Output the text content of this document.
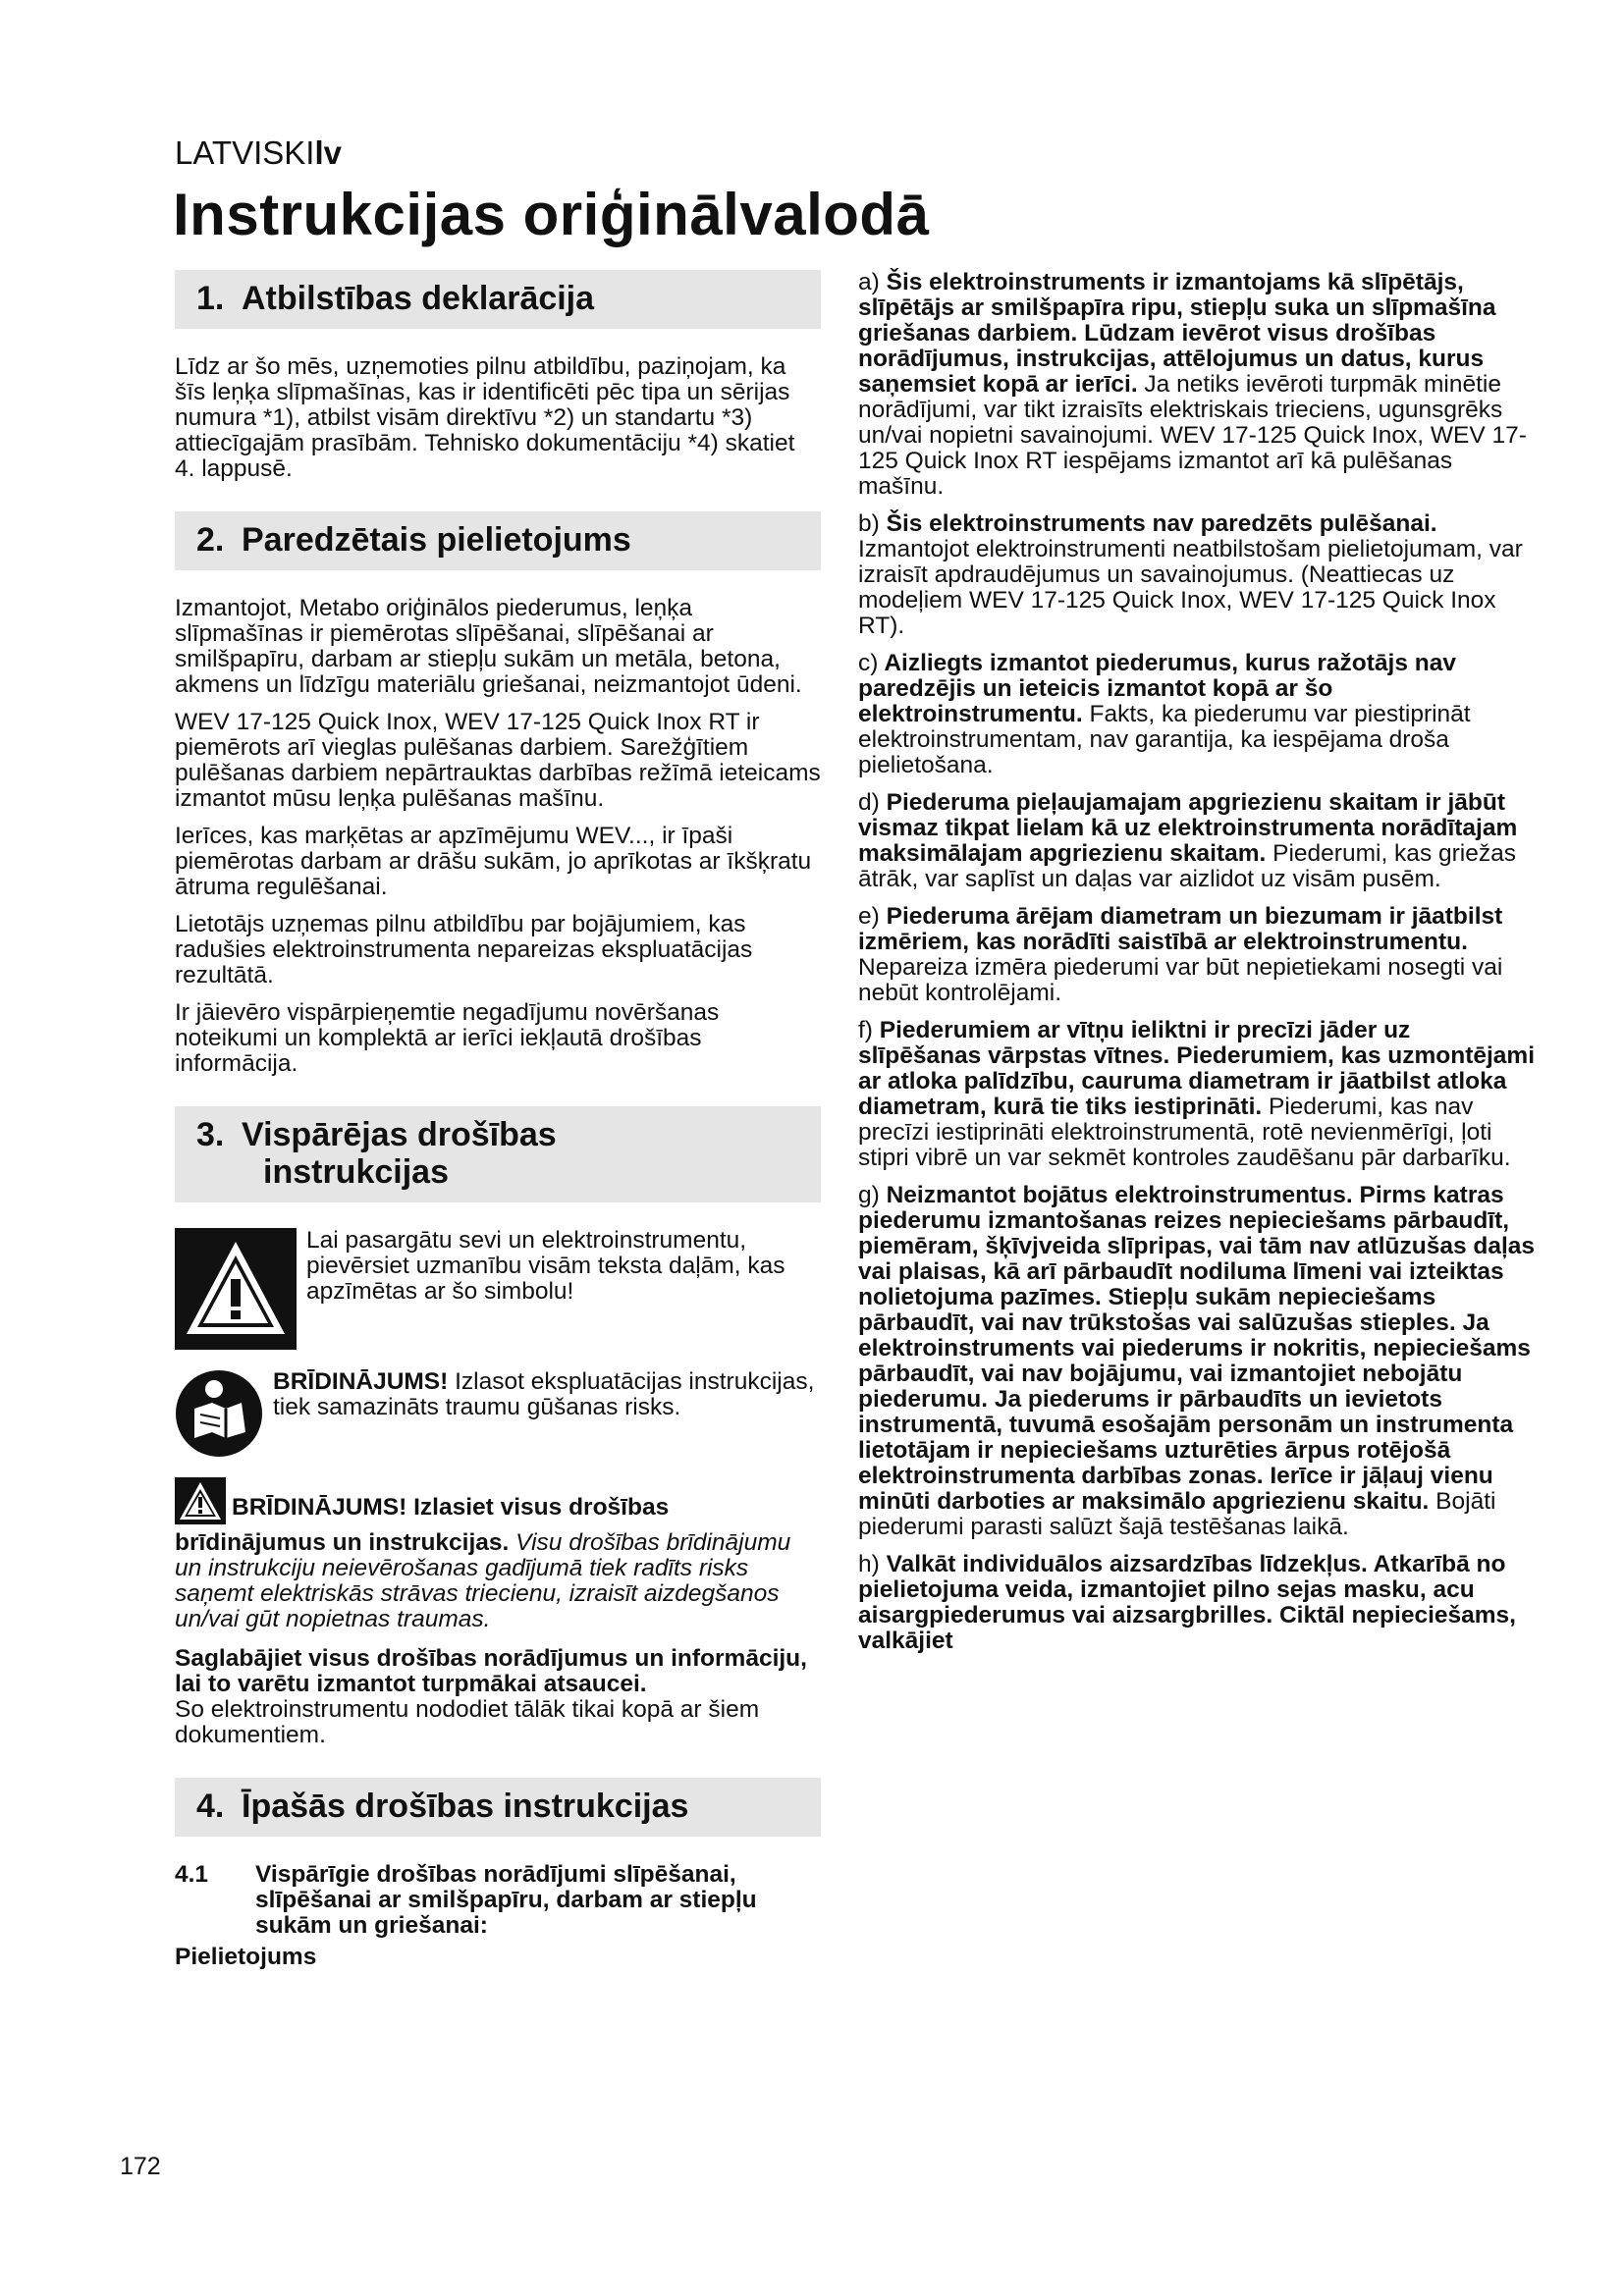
LATVISKIlv
Instrukcijas oriģinālvalodā
1. Atbilstības deklarācija

Līdz ar šo mēs, uzņemoties pilnu atbildību, paziņojam, ka šīs leņķa slīpmašīnas, kas ir identificēti pēc tipa un sērijas numura *1), atbilst visām direktīvu *2) un standartu *3) attiecīgajām prasībām. Tehnisko dokumentāciju *4) skatiet 4. lappusē.

2. Paredzētais pielietojums

Izmantojot, Metabo oriģinālos piederumus, leņķa slīpmašīnas ir piemērotas slīpēšanai, slīpēšanai ar smilšpapīru, darbam ar stiepļu sukām un metāla, betona, akmens un līdzīgu materiālu griešanai, neizmantojot ūdeni.

WEV 17-125 Quick Inox, WEV 17-125 Quick Inox RT ir piemērots arī vieglas pulēšanas darbiem. Sarežģītiem pulēšanas darbiem nepārtrauktas darbības režīmā ieteicams izmantot mūsu leņķa pulēšanas mašīnu.

Ierīces, kas marķētas ar apzīmējumu WEV..., ir īpaši piemērotas darbam ar drāšu sukām, jo aprīkotas ar īkšķratu ātruma regulēšanai.

Lietotājs uzņemas pilnu atbildību par bojājumiem, kas radušies elektroinstrumenta nepareizas ekspluatācijas rezultātā.

Ir jāievēro vispārpieņemtie negadījumu novēršanas noteikumi un komplektā ar ierīci iekļautā drošības informācija.

3. Vispārējas drošības
instrukcijas

Lai pasargātu sevi un elektroinstrumentu, pievērsiet uzmanību visām teksta daļām, kas apzīmētas ar šo simbolu!

BRĪDINĀJUMS! Izlasot ekspluatācijas instrukcijas, tiek samazināts traumu gūšanas risks.

BRĪDINĀJUMS! Izlasiet visus drošības brīdinājumus un instrukcijas. Visu drošības brīdinājumu un instrukciju neievērošanas gadījumā tiek radīts risks saņemt elektriskās strāvas triecienu, izraisīt aizdegšanos un/vai gūt nopietnas traumas.

Saglabājiet visus drošības norādījumus un informāciju, lai to varētu izmantot turpmākai atsaucei.

So elektroinstrumentu nododiet tālāk tikai kopā ar šiem dokumentiem.

4. Īpašās drošības instrukcijas
4.1	Vispārīgie drošības norādījumi slīpēšanai, slīpēšanai ar smilšpapīru, darbam ar stiepļu sukām un griešanai:

Pielietojums

a) Šis elektroinstruments ir izmantojams kā slīpētājs, slīpētājs ar smilšpapīra ripu, stiepļu suka un slīpmašīna griešanas darbiem. Lūdzam ievērot visus drošības norādījumus, instrukcijas, attēlojumus un datus, kurus saņemsiet kopā ar ierīci. Ja netiks ievēroti turpmāk minētie norādījumi, var tikt izraisīts elektriskais trieciens, ugunsgrēks un/vai nopietni savainojumi. WEV 17-125 Quick Inox, WEV 17-125 Quick Inox RT iespējams izmantot arī kā pulēšanas mašīnu.

b) Šis elektroinstruments nav paredzēts pulēšanai. Izmantojot elektroinstrumenti neatbilstošam pielietojumam, var izraisīt apdraudējumus un savainojumus. (Neattiecas uz modeļiem WEV 17-125 Quick Inox, WEV 17-125 Quick Inox RT).

c) Aizliegts izmantot piederumus, kurus ražotājs nav paredzējis un ieteicis izmantot kopā ar šo elektroinstrumentu. Fakts, ka piederumu var piestiprināt elektroinstrumentam, nav garantija, ka iespējama droša pielietošana.

d) Piederuma pieļaujamajam apgriezienu skaitam ir jābūt vismaz tikpat lielam kā uz elektroinstrumenta norādītajam maksimālajam apgriezienu skaitam. Piederumi, kas griežas ātrāk, var saplīst un daļas var aizlidot uz visām pusēm.

e) Piederuma ārējam diametram un biezumam ir jāatbilst izmēriem, kas norādīti saistībā ar elektroinstrumentu. Nepareiza izmēra piederumi var būt nepietiekami nosegti vai nebūt kontrolējami.

f) Piederumiem ar vītņu ieliktni ir precīzi jāder uz slīpēšanas vārpstas vītnes. Piederumiem, kas uzmontējami ar atloka palīdzību, cauruma diametram ir jāatbilst atloka diametram, kurā tie tiks iestiprināti. Piederumi, kas nav precīzi iestiprināti elektroinstrumentā, rotē nevienmērīgi, ļoti stipri vibrē un var sekmēt kontroles zaudēšanu pār darbarīku.

g) Neizmantot bojātus elektroinstrumentus. Pirms katras piederumu izmantošanas reizes nepieciešams pārbaudīt, piemēram, šķīvjveida slīpripas, vai tām nav atlūzušas daļas vai plaisas, kā arī pārbaudīt nodiluma līmeni vai izteiktas nolietojuma pazīmes. Stiepļu sukām nepieciešams pārbaudīt, vai nav trūkstošas vai salūzušas stieples. Ja elektroinstruments vai piederums ir nokritis, nepieciešams pārbaudīt, vai nav bojājumu, vai izmantojiet nebojātu piederumu. Ja piederums ir pārbaudīts un ievietots instrumentā, tuvumā esošajām personām un instrumenta lietotājam ir nepieciešams uzturēties ārpus rotējošā elektroinstrumenta darbības zonas. Ierīce ir jāļauj vienu minūti darboties ar maksimālo apgriezienu skaitu. Bojāti piederumi parasti salūzt šajā testēšanas laikā.

h) Valkāt individuālos aizsardzības līdzekļus. Atkarībā no pielietojuma veida, izmantojiet pilno sejas masku, acu aisargpiederumus vai aizsargbrilles. Ciktāl nepieciešams, valkājiet

172
